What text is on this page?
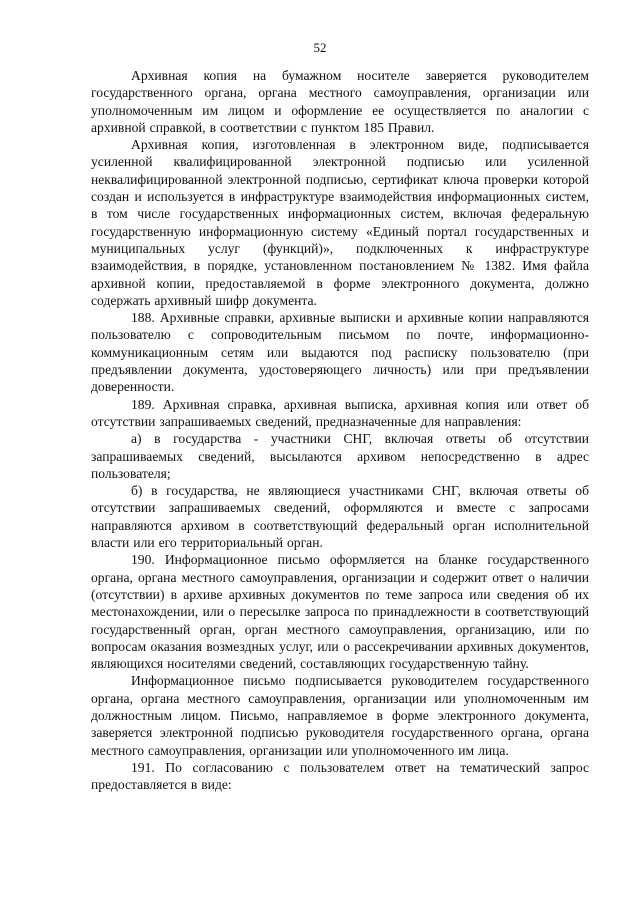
52

Архивная копия на бумажном носителе заверяется руководителем государственного органа, органа местного самоуправления, организации или уполномоченным им лицом и оформление ее осуществляется по аналогии с архивной справкой, в соответствии с пунктом 185 Правил.

Архивная копия, изготовленная в электронном виде, подписывается усиленной квалифицированной электронной подписью или усиленной неквалифицированной электронной подписью, сертификат ключа проверки которой создан и используется в инфраструктуре взаимодействия информационных систем, в том числе государственных информационных систем, включая федеральную государственную информационную систему «Единый портал государственных и муниципальных услуг (функций)», подключенных к инфраструктуре взаимодействия, в порядке, установленном постановлением № 1382. Имя файла архивной копии, предоставляемой в форме электронного документа, должно содержать архивный шифр документа.

188. Архивные справки, архивные выписки и архивные копии направляются пользователю с сопроводительным письмом по почте, информационно-коммуникационным сетям или выдаются под расписку пользователю (при предъявлении документа, удостоверяющего личность) или при предъявлении доверенности.

189. Архивная справка, архивная выписка, архивная копия или ответ об отсутствии запрашиваемых сведений, предназначенные для направления:

а) в государства - участники СНГ, включая ответы об отсутствии запрашиваемых сведений, высылаются архивом непосредственно в адрес пользователя;

б) в государства, не являющиеся участниками СНГ, включая ответы об отсутствии запрашиваемых сведений, оформляются и вместе с запросами направляются архивом в соответствующий федеральный орган исполнительной власти или его территориальный орган.

190. Информационное письмо оформляется на бланке государственного органа, органа местного самоуправления, организации и содержит ответ о наличии (отсутствии) в архиве архивных документов по теме запроса или сведения об их местонахождении, или о пересылке запроса по принадлежности в соответствующий государственный орган, орган местного самоуправления, организацию, или по вопросам оказания возмездных услуг, или о рассекречивании архивных документов, являющихся носителями сведений, составляющих государственную тайну.

Информационное письмо подписывается руководителем государственного органа, органа местного самоуправления, организации или уполномоченным им должностным лицом. Письмо, направляемое в форме электронного документа, заверяется электронной подписью руководителя государственного органа, органа местного самоуправления, организации или уполномоченного им лица.

191. По согласованию с пользователем ответ на тематический запрос предоставляется в виде:
